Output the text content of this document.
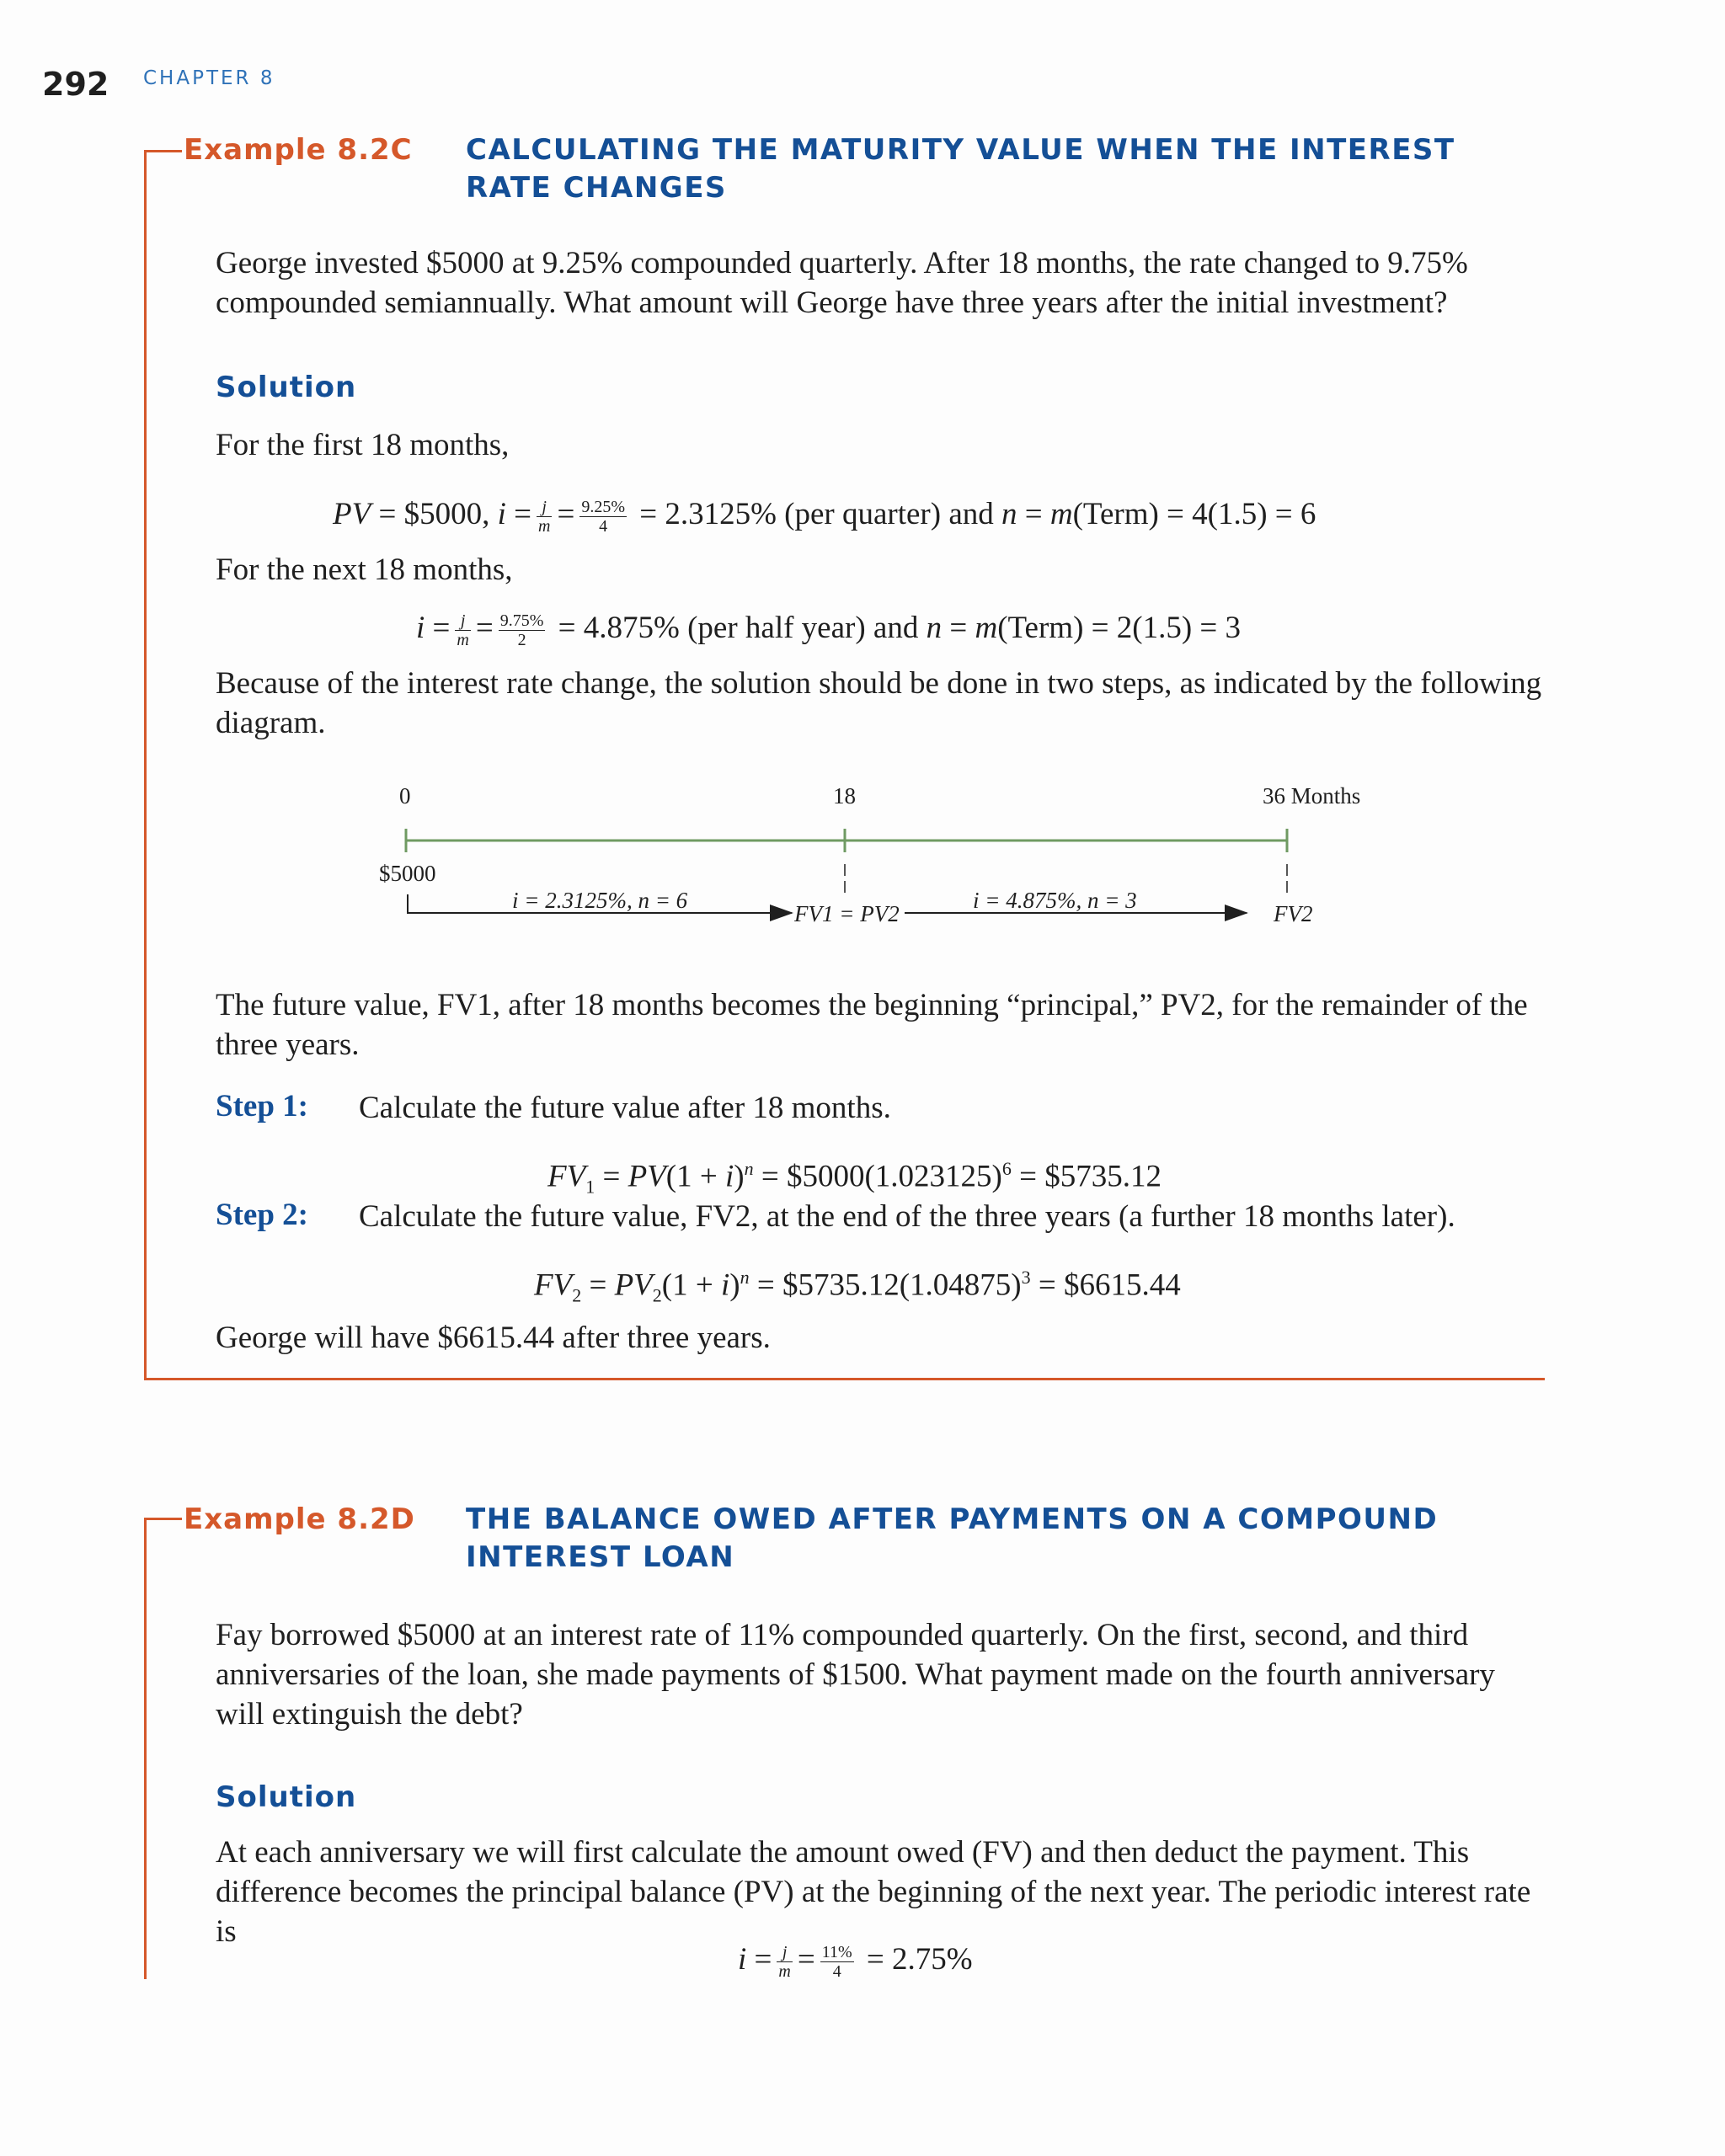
292 CHAPTER 8
Example 8.2C CALCULATING THE MATURITY VALUE WHEN THE INTEREST RATE CHANGES
George invested $5000 at 9.25% compounded quarterly. After 18 months, the rate changed to 9.75% compounded semiannually. What amount will George have three years after the initial investment?
Solution
For the first 18 months,
PV = $5000, $i = \frac{j}{m} = \frac{9.25\%}{4} = 2.3125\%$ (per quarter) and n = m(Term) = 4(1.5) = 6
For the next 18 months,
$i = \frac{j}{m} = \frac{9.75\%}{2} = 4.875\%$ (per half year) and n = m(Term) = 2(1.5) = 3
Because of the interest rate change, the solution should be done in two steps, as indicated by the following diagram.
0	18	36 Months
$5000
i = 2.3125%, n = 6
FV1 = PV2
i = 4.875%, n = 3
FV2
The future value, FV1, after 18 months becomes the beginning “principal,” PV2, for the remainder of the three years.
Step 1: Calculate the future value after 18 months.
$FV_1 = PV(1 + i)^n$ = $\$5000(1.023125)^6$ = $5735.12
Step 2: Calculate the future value, FV2, at the end of the three years (a further 18 months later).
$FV_2 = PV_2(1 + i)^n$ = $\$5735.12(1.04875)^3$ = $6615.44
George will have $6615.44 after three years.
Example 8.2D THE BALANCE OWED AFTER PAYMENTS ON A COMPOUND INTEREST LOAN
Fay borrowed $5000 at an interest rate of 11% compounded quarterly. On the first, second, and third anniversaries of the loan, she made payments of $1500. What payment made on the fourth anniversary will extinguish the debt?
Solution
At each anniversary we will first calculate the amount owed (FV) and then deduct the payment. This difference becomes the principal balance (PV) at the beginning of the next year. The periodic interest rate is
$i = \frac{j}{m} = \frac{11\%}{4} = 2.75\%$
